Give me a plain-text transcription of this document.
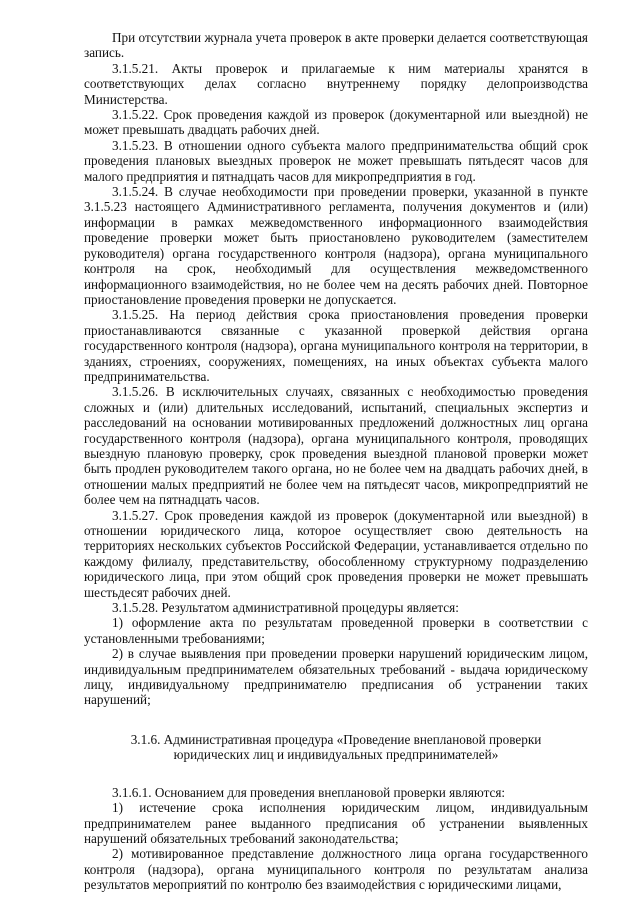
При отсутствии журнала учета проверок в акте проверки делается соответствующая запись.

3.1.5.21. Акты проверок и прилагаемые к ним материалы хранятся в соответствующих делах согласно внутреннему порядку делопроизводства Министерства.

3.1.5.22. Срок проведения каждой из проверок (документарной или выездной) не может превышать двадцать рабочих дней.

3.1.5.23. В отношении одного субъекта малого предпринимательства общий срок проведения плановых выездных проверок не может превышать пятьдесят часов для малого предприятия и пятнадцать часов для микропредприятия в год.

3.1.5.24. В случае необходимости при проведении проверки, указанной в пункте 3.1.5.23 настоящего Административного регламента, получения документов и (или) информации в рамках межведомственного информационного взаимодействия проведение проверки может быть приостановлено руководителем (заместителем руководителя) органа государственного контроля (надзора), органа муниципального контроля на срок, необходимый для осуществления межведомственного информационного взаимодействия, но не более чем на десять рабочих дней. Повторное приостановление проведения проверки не допускается.

3.1.5.25. На период действия срока приостановления проведения проверки приостанавливаются связанные с указанной проверкой действия органа государственного контроля (надзора), органа муниципального контроля на территории, в зданиях, строениях, сооружениях, помещениях, на иных объектах субъекта малого предпринимательства.

3.1.5.26. В исключительных случаях, связанных с необходимостью проведения сложных и (или) длительных исследований, испытаний, специальных экспертиз и расследований на основании мотивированных предложений должностных лиц органа государственного контроля (надзора), органа муниципального контроля, проводящих выездную плановую проверку, срок проведения выездной плановой проверки может быть продлен руководителем такого органа, но не более чем на двадцать рабочих дней, в отношении малых предприятий не более чем на пятьдесят часов, микропредприятий не более чем на пятнадцать часов.

3.1.5.27. Срок проведения каждой из проверок (документарной или выездной) в отношении юридического лица, которое осуществляет свою деятельность на территориях нескольких субъектов Российской Федерации, устанавливается отдельно по каждому филиалу, представительству, обособленному структурному подразделению юридического лица, при этом общий срок проведения проверки не может превышать шестьдесят рабочих дней.

3.1.5.28. Результатом административной процедуры является:

1) оформление акта по результатам проведенной проверки в соответствии с установленными требованиями;

2) в случае выявления при проведении проверки нарушений юридическим лицом, индивидуальным предпринимателем обязательных требований - выдача юридическому лицу, индивидуальному предпринимателю предписания об устранении таких нарушений;

3.1.6. Административная процедура «Проведение внеплановой проверки юридических лиц и индивидуальных предпринимателей»

3.1.6.1. Основанием для проведения внеплановой проверки являются:

1) истечение срока исполнения юридическим лицом, индивидуальным предпринимателем ранее выданного предписания об устранении выявленных нарушений обязательных требований законодательства;

2) мотивированное представление должностного лица органа государственного контроля (надзора), органа муниципального контроля по результатам анализа результатов мероприятий по контролю без взаимодействия с юридическими лицами,
